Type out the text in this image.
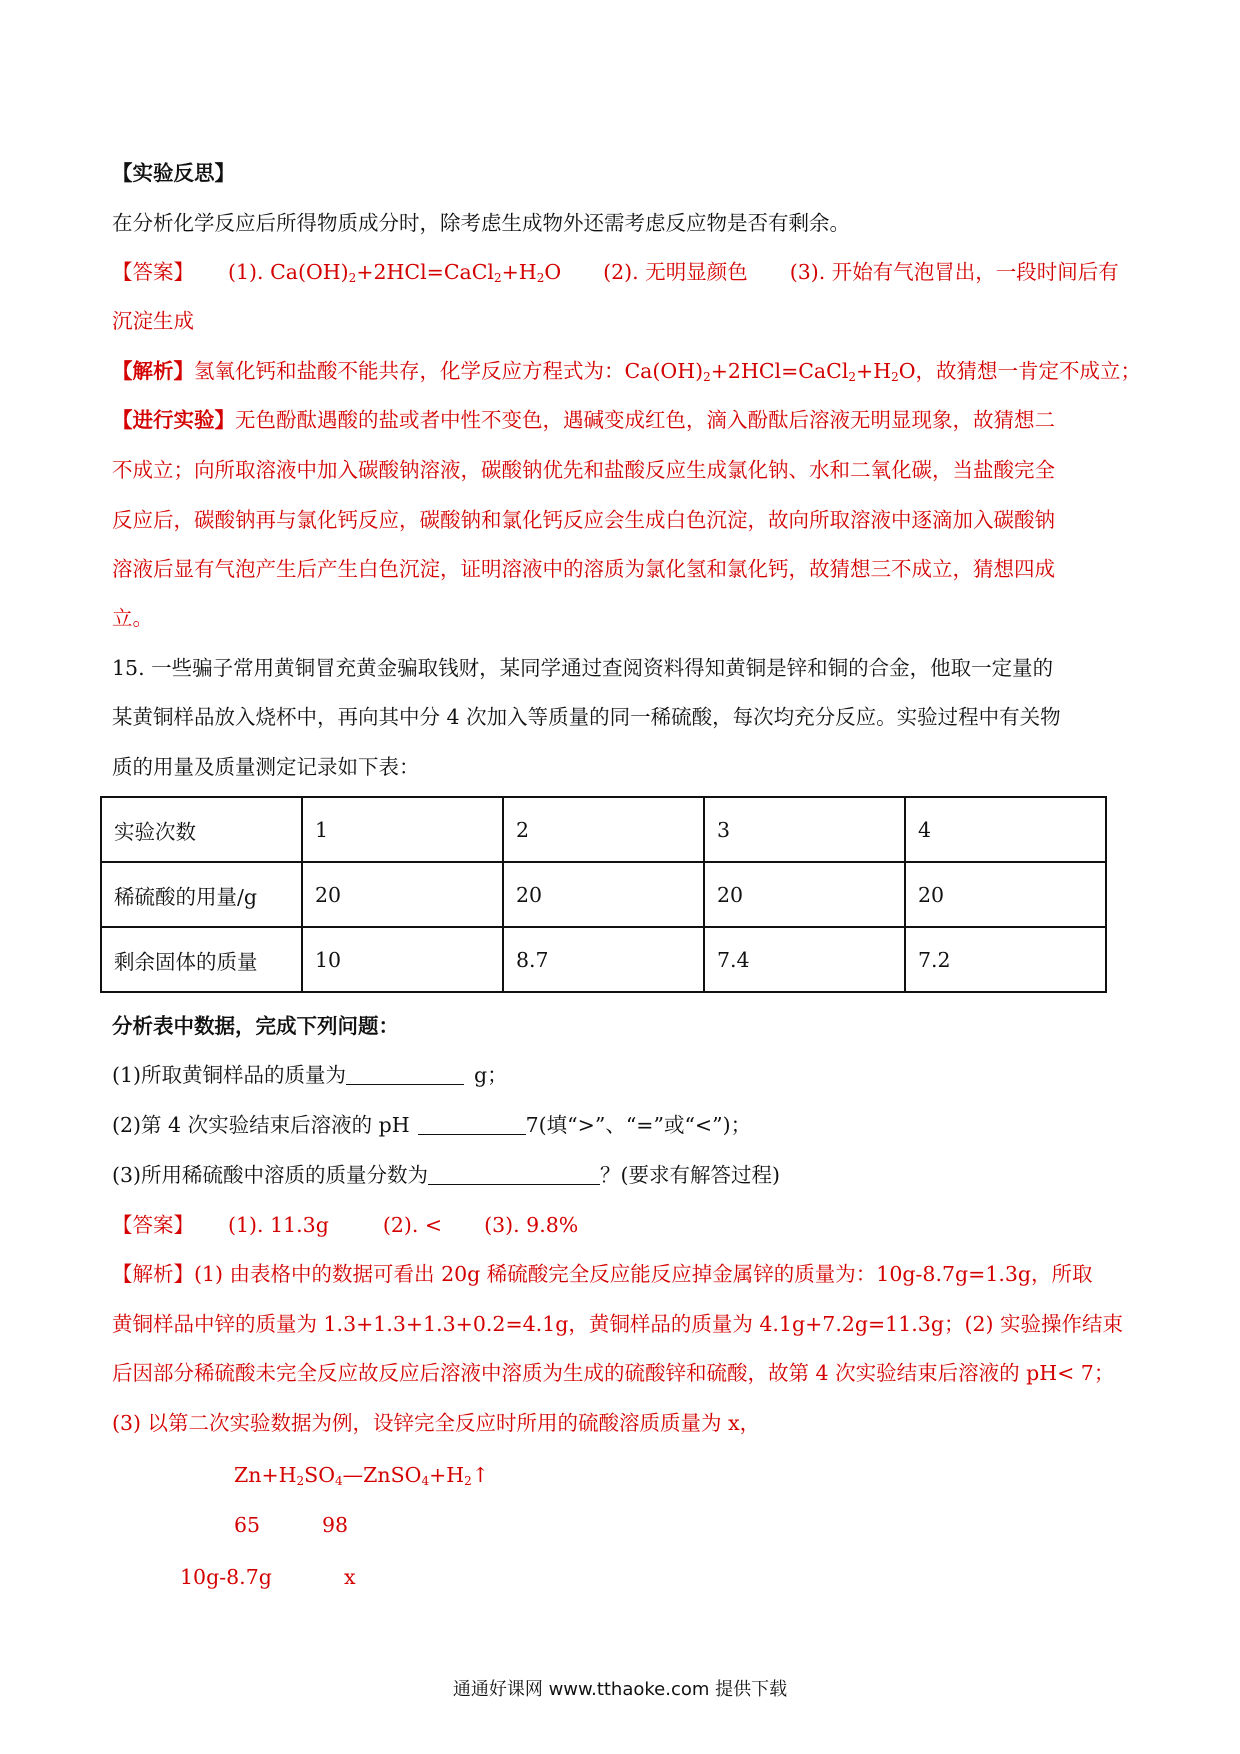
【实验反思】
在分析化学反应后所得物质成分时，除考虑生成物外还需考虑反应物是否有剩余。
【答案】 (1). $Ca(OH)_2+2HCl=CaCl_2+H_2O$ (2). 无明显颜色 (3). 开始有气泡冒出，一段时间后有
沉淀生成
【解析】氢氧化钙和盐酸不能共存，化学反应方程式为：$Ca(OH)_2+2HCl=CaCl_2+H_2O$，故猜想一肯定不成立；
【进行实验】无色酚酞遇酸的盐或者中性不变色，遇碱变成红色，滴入酚酞后溶液无明显现象，故猜想二
不成立；向所取溶液中加入碳酸钠溶液，碳酸钠优先和盐酸反应生成氯化钠、水和二氧化碳，当盐酸完全
反应后，碳酸钠再与氯化钙反应，碳酸钠和氯化钙反应会生成白色沉淀，故向所取溶液中逐滴加入碳酸钠
溶液后显有气泡产生后产生白色沉淀，证明溶液中的溶质为氯化氢和氯化钙，故猜想三不成立，猜想四成
立。
15. 一些骗子常用黄铜冒充黄金骗取钱财，某同学通过查阅资料得知黄铜是锌和铜的合金，他取一定量的
某黄铜样品放入烧杯中，再向其中分 4 次加入等质量的同一稀硫酸，每次均充分反应。实验过程中有关物
质的用量及质量测定记录如下表：
实验次数	1	2	3	4
稀硫酸的用量/g	20	20	20	20
剩余固体的质量	10	8.7	7.4	7.2
分析表中数据，完成下列问题：
(1)所取黄铜样品的质量为	g；
(2)第 4 次实验结束后溶液的 pH	7(填“>”、“=”或“<”)；
(3)所用稀硫酸中溶质的质量分数为	？(要求有解答过程)
【答案】 (1). 11.3g	(2). < (3). 9.8%
【解析】(1) 由表格中的数据可看出 20g 稀硫酸完全反应能反应掉金属锌的质量为：10g-8.7g=1.3g，所取
黄铜样品中锌的质量为 1.3+1.3+1.3+0.2=4.1g，黄铜样品的质量为 4.1g+7.2g=11.3g；(2) 实验操作结束
后因部分稀硫酸未完全反应故反应后溶液中溶质为生成的硫酸锌和硫酸，故第 4 次实验结束后溶液的 pH< 7；
(3) 以第二次实验数据为例，设锌完全反应时所用的硫酸溶质质量为 x，
$Zn+H_2SO_4—ZnSO_4+H_2↑$
65	98
10g-8.7g	x
通通好课网 www.tthaoke.com 提供下载
